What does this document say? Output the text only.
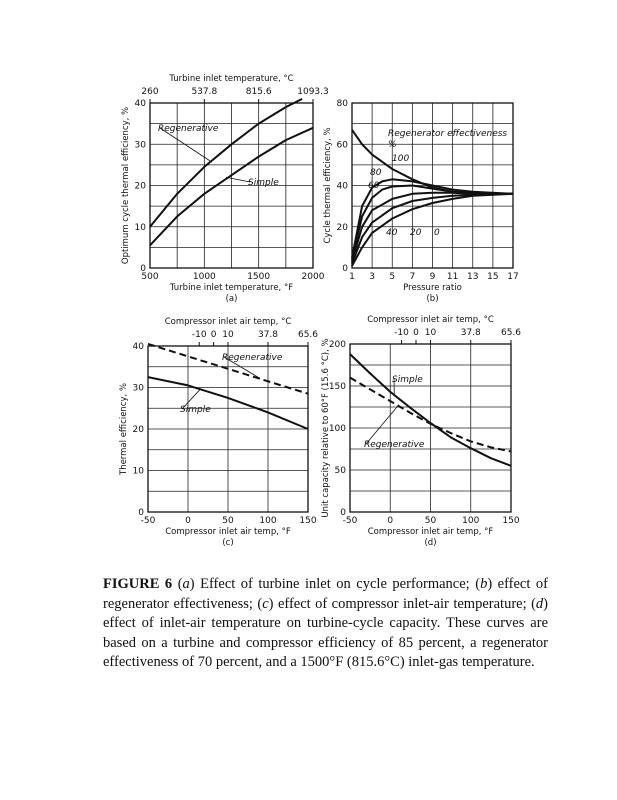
500	1000	1500	2000
0
10
20
30
40
Turbine inlet temperature, °F
Optimum cycle thermal efficiency, %
(a)
Turbine inlet temperature, °C
260	537.8	815.6	1093.3
Regenerative
Simple
1 3 5 7 9 11 13 15 17
0
20
40
60
80
Pressure ratio
Cycle thermal efficiency, %
(b)
Regenerator effectiveness
%
100
80
60
40 20 0
-50	0	50	100	150
0
10
20
30
40
Compressor inlet air temp, °F
Thermal efficiency, %
(c)
Compressor inlet air temp, °C
-10 0 10	37.8 65.6
Regenerative
Simple
-50	0	50	100	150
0
50
100
150
200
Compressor inlet air temp, °F
Unit capacity relative to 60°F (15.6 °C), %
(d)
Compressor inlet air temp, °C
-10 0 10	37.8 65.6
Simple
Regenerative
FIGURE 6 (a) Effect of turbine inlet on cycle performance; (b) effect of regenerator effectiveness; (c) effect of compressor inlet-air temperature; (d) effect of inlet-air temperature on turbine-cycle capacity. These curves are based on a turbine and compressor efficiency of 85 percent, a regenerator effectiveness of 70 percent, and a 1500°F (815.6°C) inlet-gas temperature.
